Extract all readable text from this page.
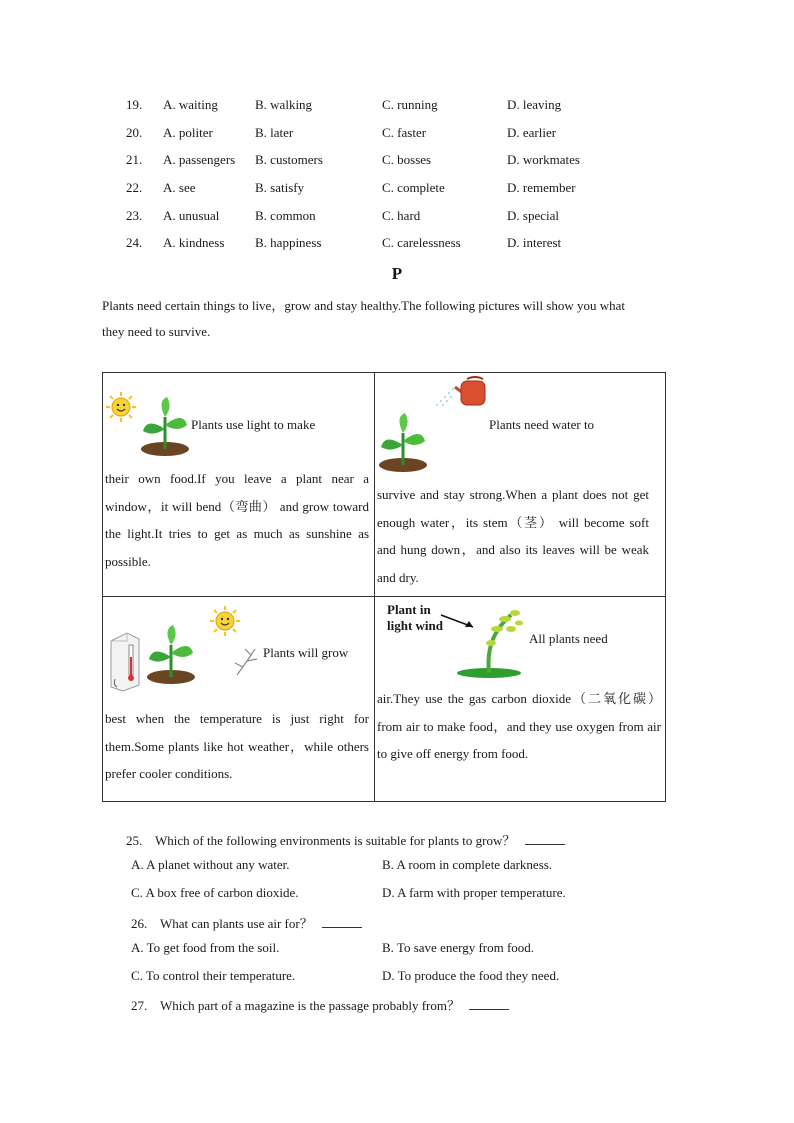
19. A. waiting	B. walking	C. running	D. leaving
20. A. politer	B. later	C. faster	D. earlier
21. A. passengers B. customers	C. bosses	D. workmates
22. A. see	B. satisfy	C. complete	D. remember
23. A. unusual	B. common	C. hard	D. special
24. A. kindness B. happiness	C. carelessness	D. interest
P
Plants need certain things to live，grow and stay healthy.The following pictures will show you what
they need to survive.
Plants use light to make
their own food.If you leave a plant near a window，it will bend（弯曲） and grow toward the light.It tries to get as much as sunshine as possible.
Plants need water to
survive and stay strong.When a plant does not get enough water，its stem（茎） will become soft and hung down，and also its leaves will be weak and dry.
Plants will grow
best when the temperature is just right for them.Some plants like hot weather，while others prefer cooler conditions.
Plant in
light wind
All plants need
air.They use the gas carbon dioxide（二氧化碳） from air to make food，and they use oxygen from air to give off energy from food.
25. Which of the following environments is suitable for plants to grow？
A. A planet without any water.	B. A room in complete darkness.
C. A box free of carbon dioxide.	D. A farm with proper temperature.
26. What can plants use air for？
A. To get food from the soil.	B. To save energy from food.
C. To control their temperature.	D. To produce the food they need.
27. Which part of a magazine is the passage probably from？
